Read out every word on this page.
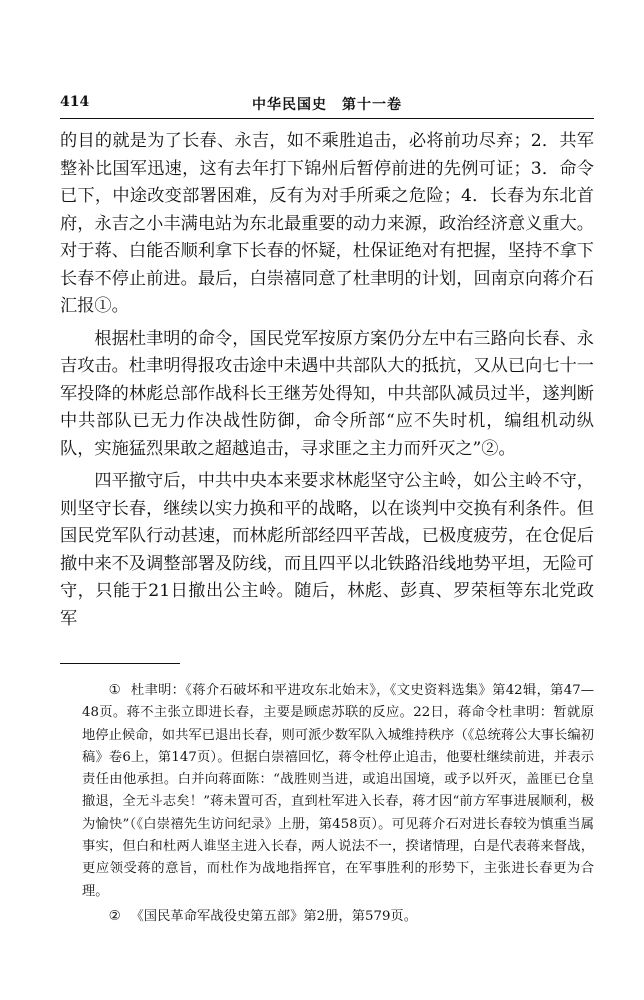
414	中华民国史　第十一卷

的目的就是为了长春、永吉，如不乘胜追击，必将前功尽弃；2．共军整补比国军迅速，这有去年打下锦州后暂停前进的先例可证；3．命令已下，中途改变部署困难，反有为对手所乘之危险；4．长春为东北首府，永吉之小丰满电站为东北最重要的动力来源，政治经济意义重大。对于蒋、白能否顺利拿下长春的怀疑，杜保证绝对有把握，坚持不拿下长春不停止前进。最后，白崇禧同意了杜聿明的计划，回南京向蒋介石汇报①。

根据杜聿明的命令，国民党军按原方案仍分左中右三路向长春、永吉攻击。杜聿明得报攻击途中未遇中共部队大的抵抗，又从已向七十一军投降的林彪总部作战科长王继芳处得知，中共部队减员过半，遂判断中共部队已无力作决战性防御，命令所部“应不失时机，编组机动纵队，实施猛烈果敢之超越追击，寻求匪之主力而歼灭之”②。

四平撤守后，中共中央本来要求林彪坚守公主岭，如公主岭不守，则坚守长春，继续以实力换和平的战略，以在谈判中交换有利条件。但国民党军队行动甚速，而林彪所部经四平苦战，已极度疲劳，在仓促后撤中来不及调整部署及防线，而且四平以北铁路沿线地势平坦，无险可守，只能于21日撤出公主岭。随后，林彪、彭真、罗荣桓等东北党政军

① 杜聿明：《蒋介石破坏和平进攻东北始末》，《文史资料选集》第42辑，第47—48页。蒋不主张立即进长春，主要是顾虑苏联的反应。22日，蒋命令杜聿明：暂就原地停止候命，如共军已退出长春，则可派少数军队入城维持秩序（《总统蒋公大事长编初稿》卷6上，第147页）。但据白崇禧回忆，蒋令杜停止追击，他要杜继续前进，并表示责任由他承担。白并向蒋面陈：“战胜则当进，或追出国境，或予以歼灭，盖匪已仓皇撤退，全无斗志矣！”蒋未置可否，直到杜军进入长春，蒋才因“前方军事进展顺利，极为愉快”（《白崇禧先生访问纪录》上册，第458页）。可见蒋介石对进长春较为慎重当属事实，但白和杜两人谁坚主进入长春，两人说法不一，揆诸情理，白是代表蒋来督战，更应领受蒋的意旨，而杜作为战地指挥官，在军事胜利的形势下，主张进长春更为合理。
② 《国民革命军战役史第五部》第2册，第579页。
